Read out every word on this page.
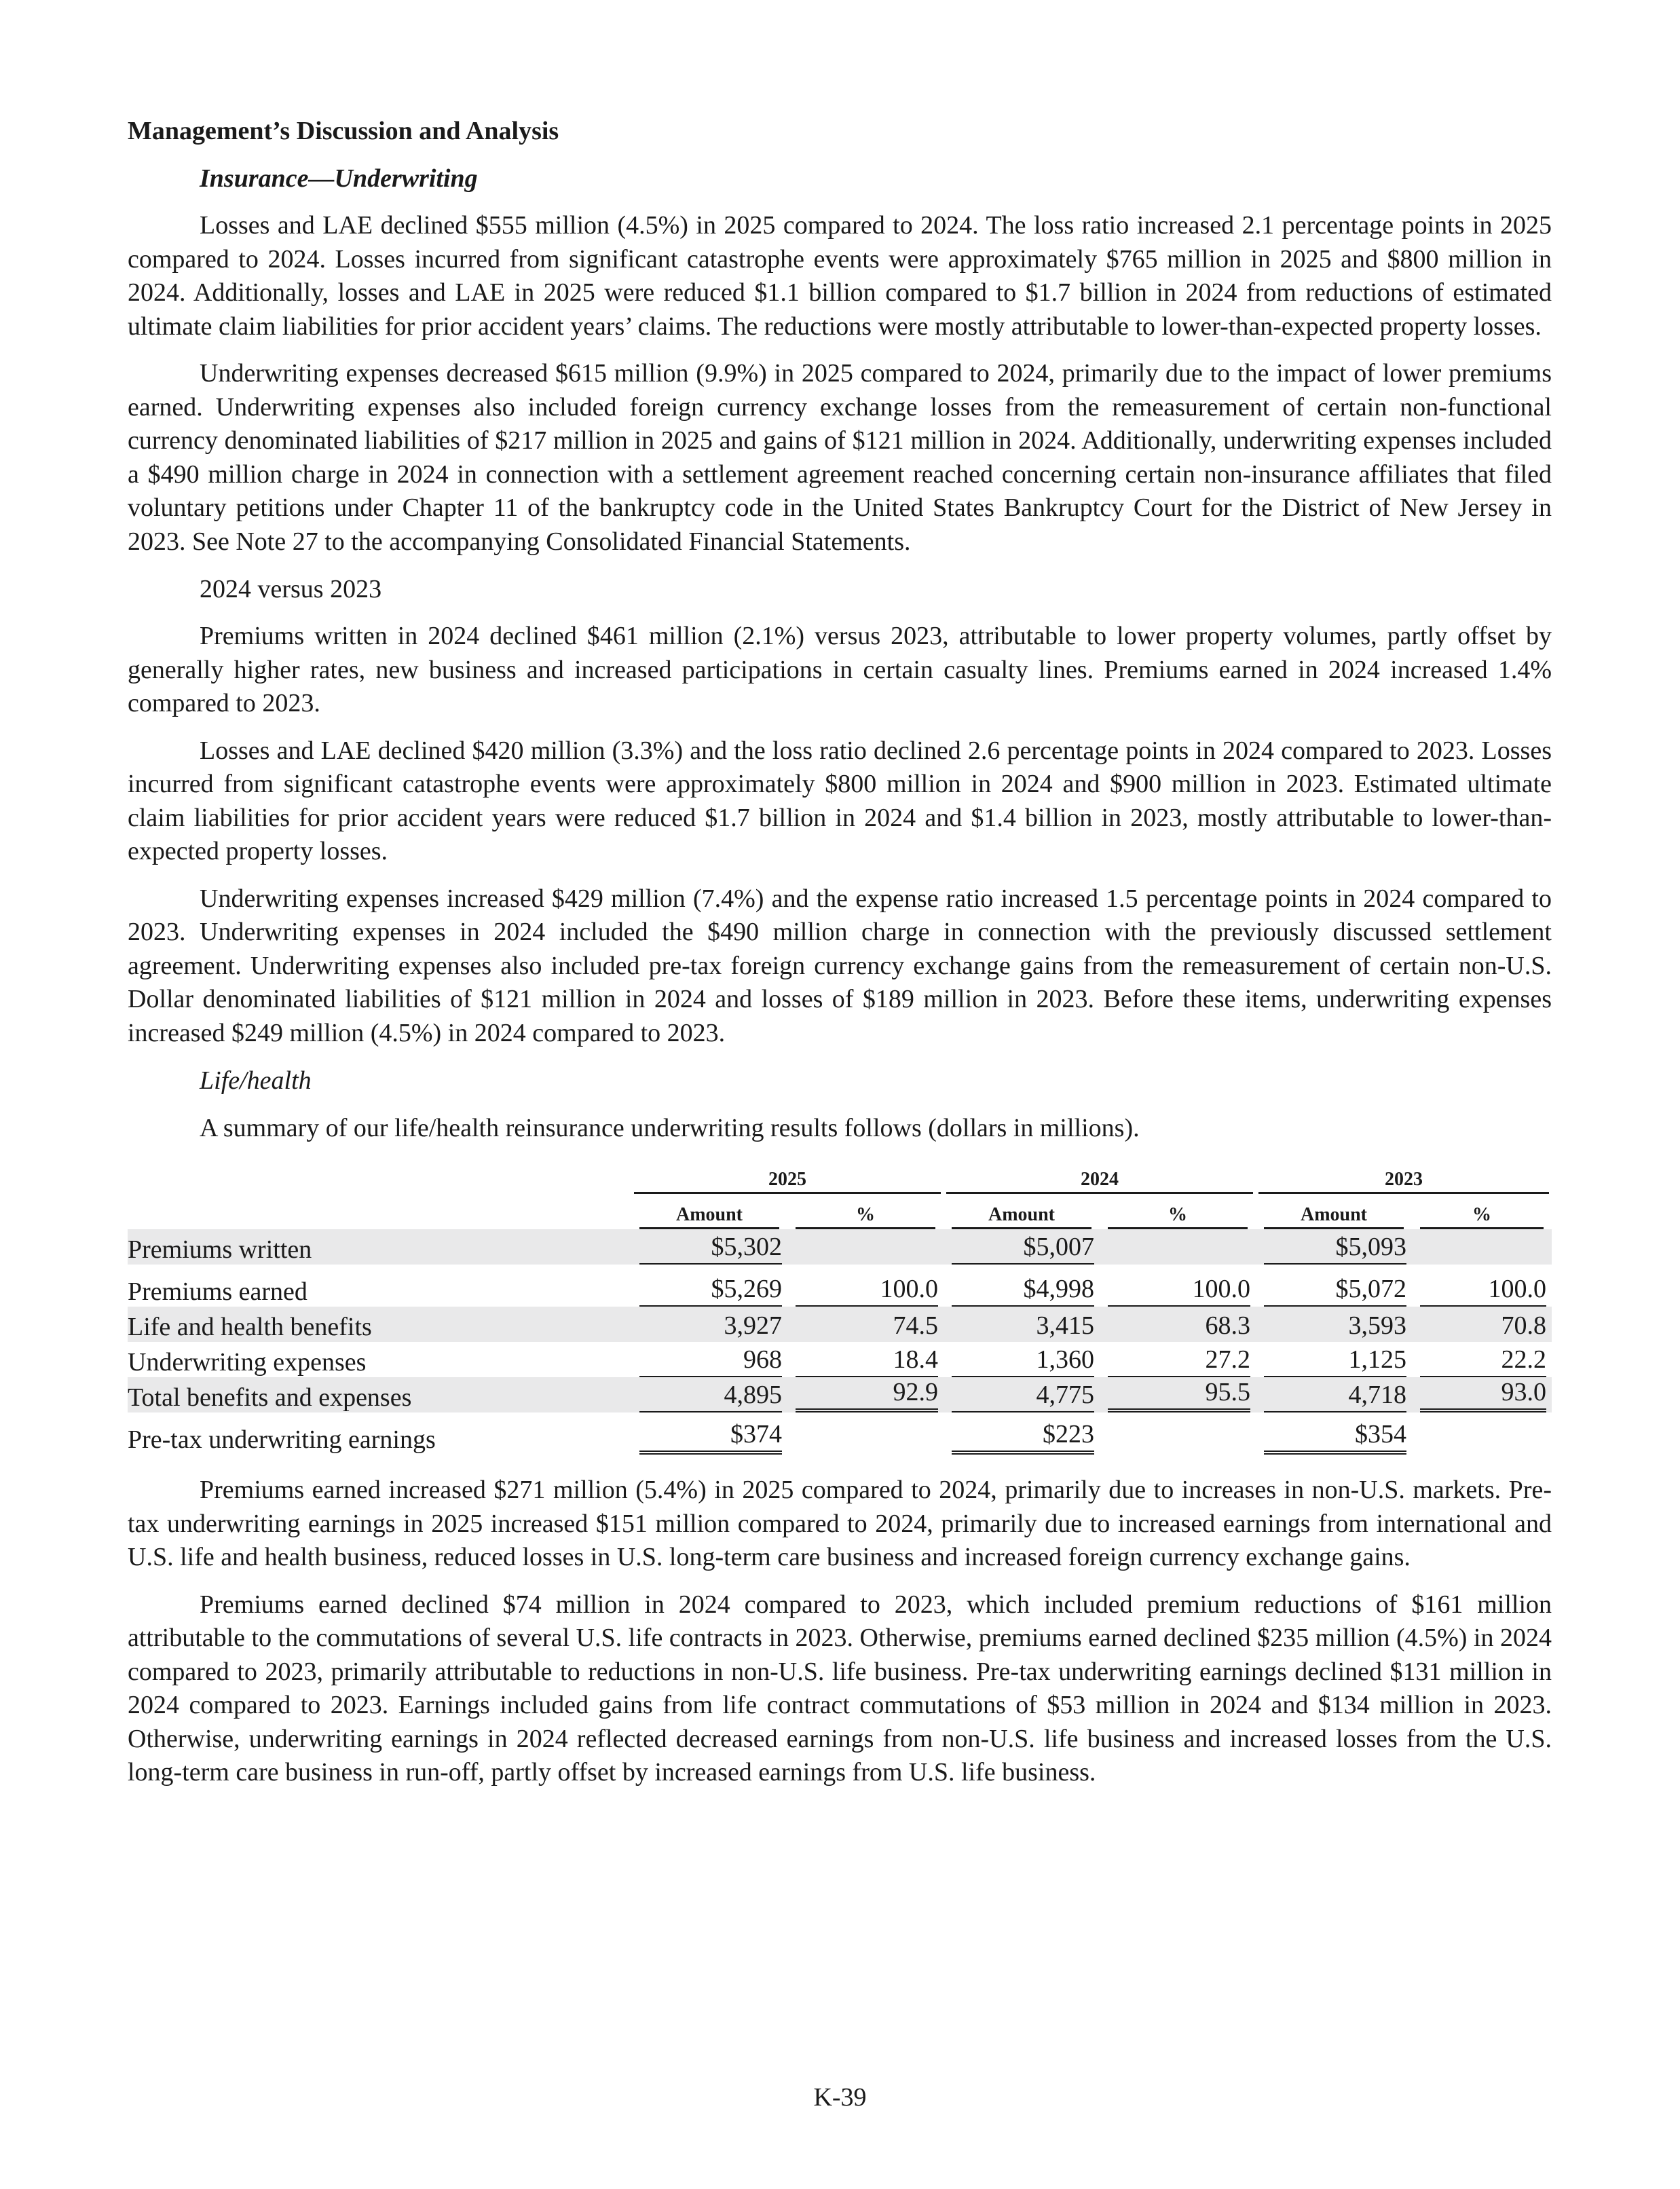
Management’s Discussion and Analysis
Insurance—Underwriting

Losses and LAE declined $555 million (4.5%) in 2025 compared to 2024. The loss ratio increased 2.1 percentage points in 2025 compared to 2024. Losses incurred from significant catastrophe events were approximately $765 million in 2025 and $800 million in 2024. Additionally, losses and LAE in 2025 were reduced $1.1 billion compared to $1.7 billion in 2024 from reductions of estimated ultimate claim liabilities for prior accident years’ claims. The reductions were mostly attributable to lower-than-expected property losses.

Underwriting expenses decreased $615 million (9.9%) in 2025 compared to 2024, primarily due to the impact of lower premiums earned. Underwriting expenses also included foreign currency exchange losses from the remeasurement of certain non-functional currency denominated liabilities of $217 million in 2025 and gains of $121 million in 2024. Additionally, underwriting expenses included a $490 million charge in 2024 in connection with a settlement agreement reached concerning certain non-insurance affiliates that filed voluntary petitions under Chapter 11 of the bankruptcy code in the United States Bankruptcy Court for the District of New Jersey in 2023. See Note 27 to the accompanying Consolidated Financial Statements.

2024 versus 2023

Premiums written in 2024 declined $461 million (2.1%) versus 2023, attributable to lower property volumes, partly offset by generally higher rates, new business and increased participations in certain casualty lines. Premiums earned in 2024 increased 1.4% compared to 2023.

Losses and LAE declined $420 million (3.3%) and the loss ratio declined 2.6 percentage points in 2024 compared to 2023. Losses incurred from significant catastrophe events were approximately $800 million in 2024 and $900 million in 2023. Estimated ultimate claim liabilities for prior accident years were reduced $1.7 billion in 2024 and $1.4 billion in 2023, mostly attributable to lower-than-expected property losses.

Underwriting expenses increased $429 million (7.4%) and the expense ratio increased 1.5 percentage points in 2024 compared to 2023. Underwriting expenses in 2024 included the $490 million charge in connection with the previously discussed settlement agreement. Underwriting expenses also included pre-tax foreign currency exchange gains from the remeasurement of certain non-U.S. Dollar denominated liabilities of $121 million in 2024 and losses of $189 million in 2023. Before these items, underwriting expenses increased $249 million (4.5%) in 2024 compared to 2023.

Life/health
A summary of our life/health reinsurance underwriting results follows (dollars in millions).

	2025		2024		2023	

	Amount	%	Amount	%	Amount	%

Premiums written	$5,302		$5,007		$5,093	

Premiums earned	$5,269	100.0	$4,998	100.0	$5,072	100.0

Life and health benefits	3,927	74.5	3,415	68.3	3,593	70.8

Underwriting expenses	968	18.4	1,360	27.2	1,125	22.2

Total benefits and expenses	4,895	92.9	4,775	95.5	4,718	93.0

Pre-tax underwriting earnings	$374		$223		$354	

Premiums earned increased $271 million (5.4%) in 2025 compared to 2024, primarily due to increases in non-U.S. markets. Pre-tax underwriting earnings in 2025 increased $151 million compared to 2024, primarily due to increased earnings from international and U.S. life and health business, reduced losses in U.S. long-term care business and increased foreign currency exchange gains.

Premiums earned declined $74 million in 2024 compared to 2023, which included premium reductions of $161 million attributable to the commutations of several U.S. life contracts in 2023. Otherwise, premiums earned declined $235 million (4.5%) in 2024 compared to 2023, primarily attributable to reductions in non-U.S. life business. Pre-tax underwriting earnings declined $131 million in 2024 compared to 2023. Earnings included gains from life contract commutations of $53 million in 2024 and $134 million in 2023. Otherwise, underwriting earnings in 2024 reflected decreased earnings from non-U.S. life business and increased losses from the U.S. long-term care business in run-off, partly offset by increased earnings from U.S. life business.

K-39
